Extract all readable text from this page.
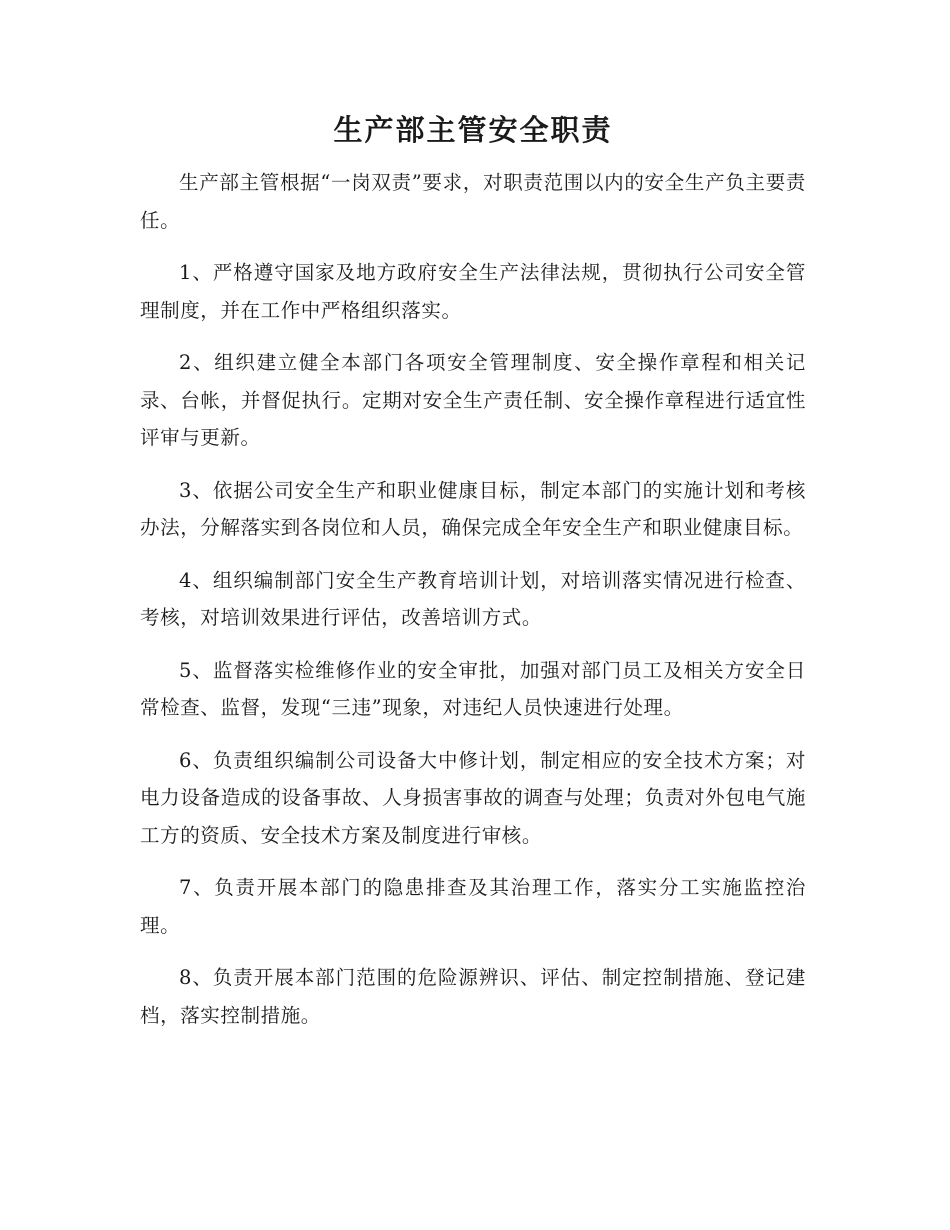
生产部主管安全职责

生产部主管根据“一岗双责”要求，对职责范围以内的安全生产负主要责任。

1、严格遵守国家及地方政府安全生产法律法规，贯彻执行公司安全管理制度，并在工作中严格组织落实。

2、组织建立健全本部门各项安全管理制度、安全操作章程和相关记录、台帐，并督促执行。定期对安全生产责任制、安全操作章程进行适宜性评审与更新。

3、依据公司安全生产和职业健康目标，制定本部门的实施计划和考核办法，分解落实到各岗位和人员，确保完成全年安全生产和职业健康目标。

4、组织编制部门安全生产教育培训计划，对培训落实情况进行检查、考核，对培训效果进行评估，改善培训方式。

5、监督落实检维修作业的安全审批，加强对部门员工及相关方安全日常检查、监督，发现“三违”现象，对违纪人员快速进行处理。

6、负责组织编制公司设备大中修计划，制定相应的安全技术方案；对电力设备造成的设备事故、人身损害事故的调查与处理；负责对外包电气施工方的资质、安全技术方案及制度进行审核。

7、负责开展本部门的隐患排查及其治理工作，落实分工实施监控治理。

8、负责开展本部门范围的危险源辨识、评估、制定控制措施、登记建档，落实控制措施。
